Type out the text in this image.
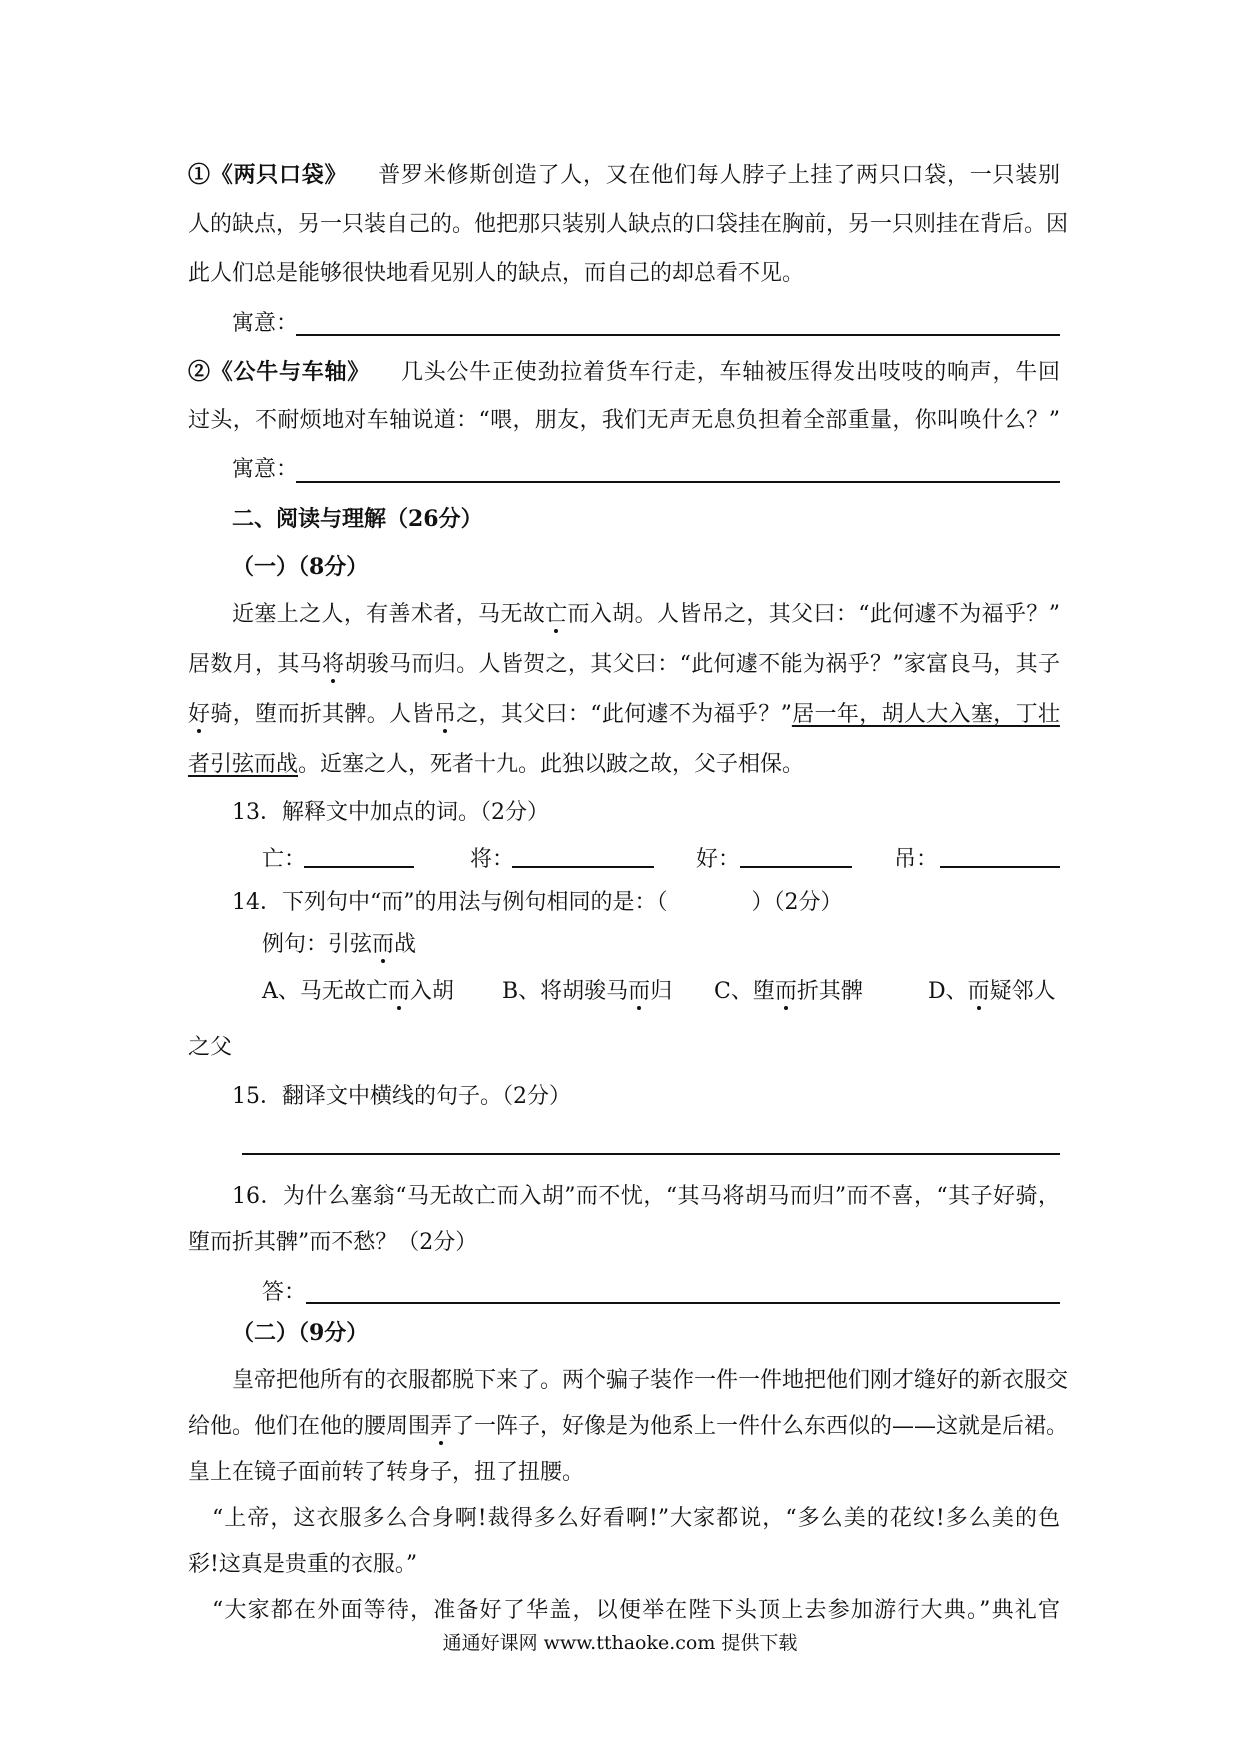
①《两只口袋》 普罗米修斯创造了人，又在他们每人脖子上挂了两只口袋，一只装别
人的缺点，另一只装自己的。他把那只装别人缺点的口袋挂在胸前，另一只则挂在背后。因
此人们总是能够很快地看见别人的缺点，而自己的却总看不见。
寓意：
②《公牛与车轴》 几头公牛正使劲拉着货车行走，车轴被压得发出吱吱的响声，牛回
过头，不耐烦地对车轴说道：“喂，朋友，我们无声无息负担着全部重量，你叫唤什么？”
寓意：
二、阅读与理解（26分）
（一）（8分）
近塞上之人，有善术者，马无故亡而入胡。人皆吊之，其父曰：“此何遽不为福乎？”
居数月，其马将胡骏马而归。人皆贺之，其父曰：“此何遽不能为祸乎？”家富良马，其子
好骑，堕而折其髀。人皆吊之，其父曰：“此何遽不为福乎？”居一年，胡人大入塞，丁壮
者引弦而战。近塞之人，死者十九。此独以跛之故，父子相保。
13．解释文中加点的词。（2分）
亡：	将：	好：	吊：
14．下列句中“而”的用法与例句相同的是：（	）（2分）
例句：引弦而战
A、马无故亡而入胡	B、将胡骏马而归	C、堕而折其髀	D、而疑邻人
之父
15．翻译文中横线的句子。（2分）
16．为什么塞翁“马无故亡而入胡”而不忧，“其马将胡马而归”而不喜，“其子好骑，
堕而折其髀”而不愁？（2分）
答：
（二）（9分）
皇帝把他所有的衣服都脱下来了。两个骗子装作一件一件地把他们刚才缝好的新衣服交
给他。他们在他的腰周围弄了一阵子，好像是为他系上一件什么东西似的——这就是后裙。
皇上在镜子面前转了转身子，扭了扭腰。
“上帝，这衣服多么合身啊!裁得多么好看啊!”大家都说，“多么美的花纹!多么美的色
彩!这真是贵重的衣服。”
“大家都在外面等待，准备好了华盖，以便举在陛下头顶上去参加游行大典。”典礼官
通通好课网 www.tthaoke.com 提供下载
